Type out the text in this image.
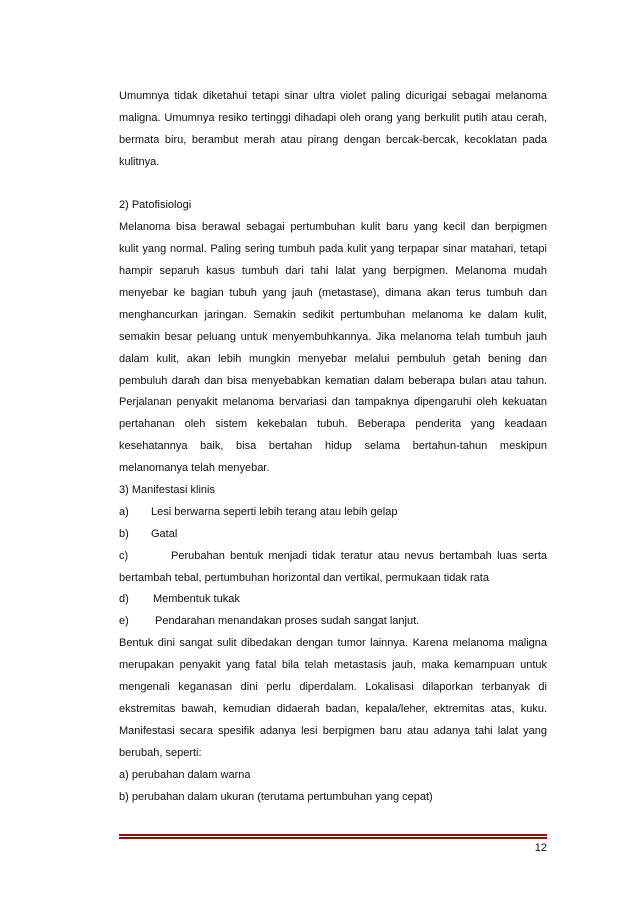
Umumnya tidak diketahui tetapi sinar ultra violet paling dicurigai sebagai melanoma
maligna. Umumnya resiko tertinggi dihadapi oleh orang yang berkulit putih atau cerah,
bermata biru, berambut merah atau pirang dengan bercak-bercak, kecoklatan pada
kulitnya.
2) Patofisiologi
Melanoma bisa berawal sebagai pertumbuhan kulit baru yang kecil dan berpigmen
kulit yang normal. Paling sering tumbuh pada kulit yang terpapar sinar matahari, tetapi
hampir separuh kasus tumbuh dari tahi lalat yang berpigmen. Melanoma mudah
menyebar ke bagian tubuh yang jauh (metastase), dimana akan terus tumbuh dan
menghancurkan jaringan. Semakin sedikit pertumbuhan melanoma ke dalam kulit,
semakin besar peluang untuk menyembuhkannya. Jika melanoma telah tumbuh jauh
dalam kulit, akan lebih mungkin menyebar melalui pembuluh getah bening dan
pembuluh darah dan bisa menyebabkan kematian dalam beberapa bulan atau tahun.
Perjalanan penyakit melanoma bervariasi dan tampaknya dipengaruhi oleh kekuatan
pertahanan oleh sistem kekebalan tubuh. Beberapa penderita yang keadaan
kesehatannya baik, bisa bertahan hidup selama bertahun-tahun meskipun
melanomanya telah menyebar.
3) Manifestasi klinis
a)	Lesi berwarna seperti lebih terang atau lebih gelap
b)	Gatal
c)	Perubahan bentuk menjadi tidak teratur atau nevus bertambah luas serta
bertambah tebal, pertumbuhan horizontal dan vertikal, permukaan tidak rata
d)	Membentuk tukak
e)	Pendarahan menandakan proses sudah sangat lanjut.
Bentuk dini sangat sulit dibedakan dengan tumor lainnya. Karena melanoma maligna
merupakan penyakit yang fatal bila telah metastasis jauh, maka kemampuan untuk
mengenali keganasan dini perlu diperdalam. Lokalisasi dilaporkan terbanyak di
ekstremitas bawah, kemudian didaerah badan, kepala/leher, ektremitas atas, kuku.
Manifestasi secara spesifik adanya lesi berpigmen baru atau adanya tahi lalat yang
berubah, seperti:
a) perubahan dalam warna
b) perubahan dalam ukuran (terutama pertumbuhan yang cepat)
12
